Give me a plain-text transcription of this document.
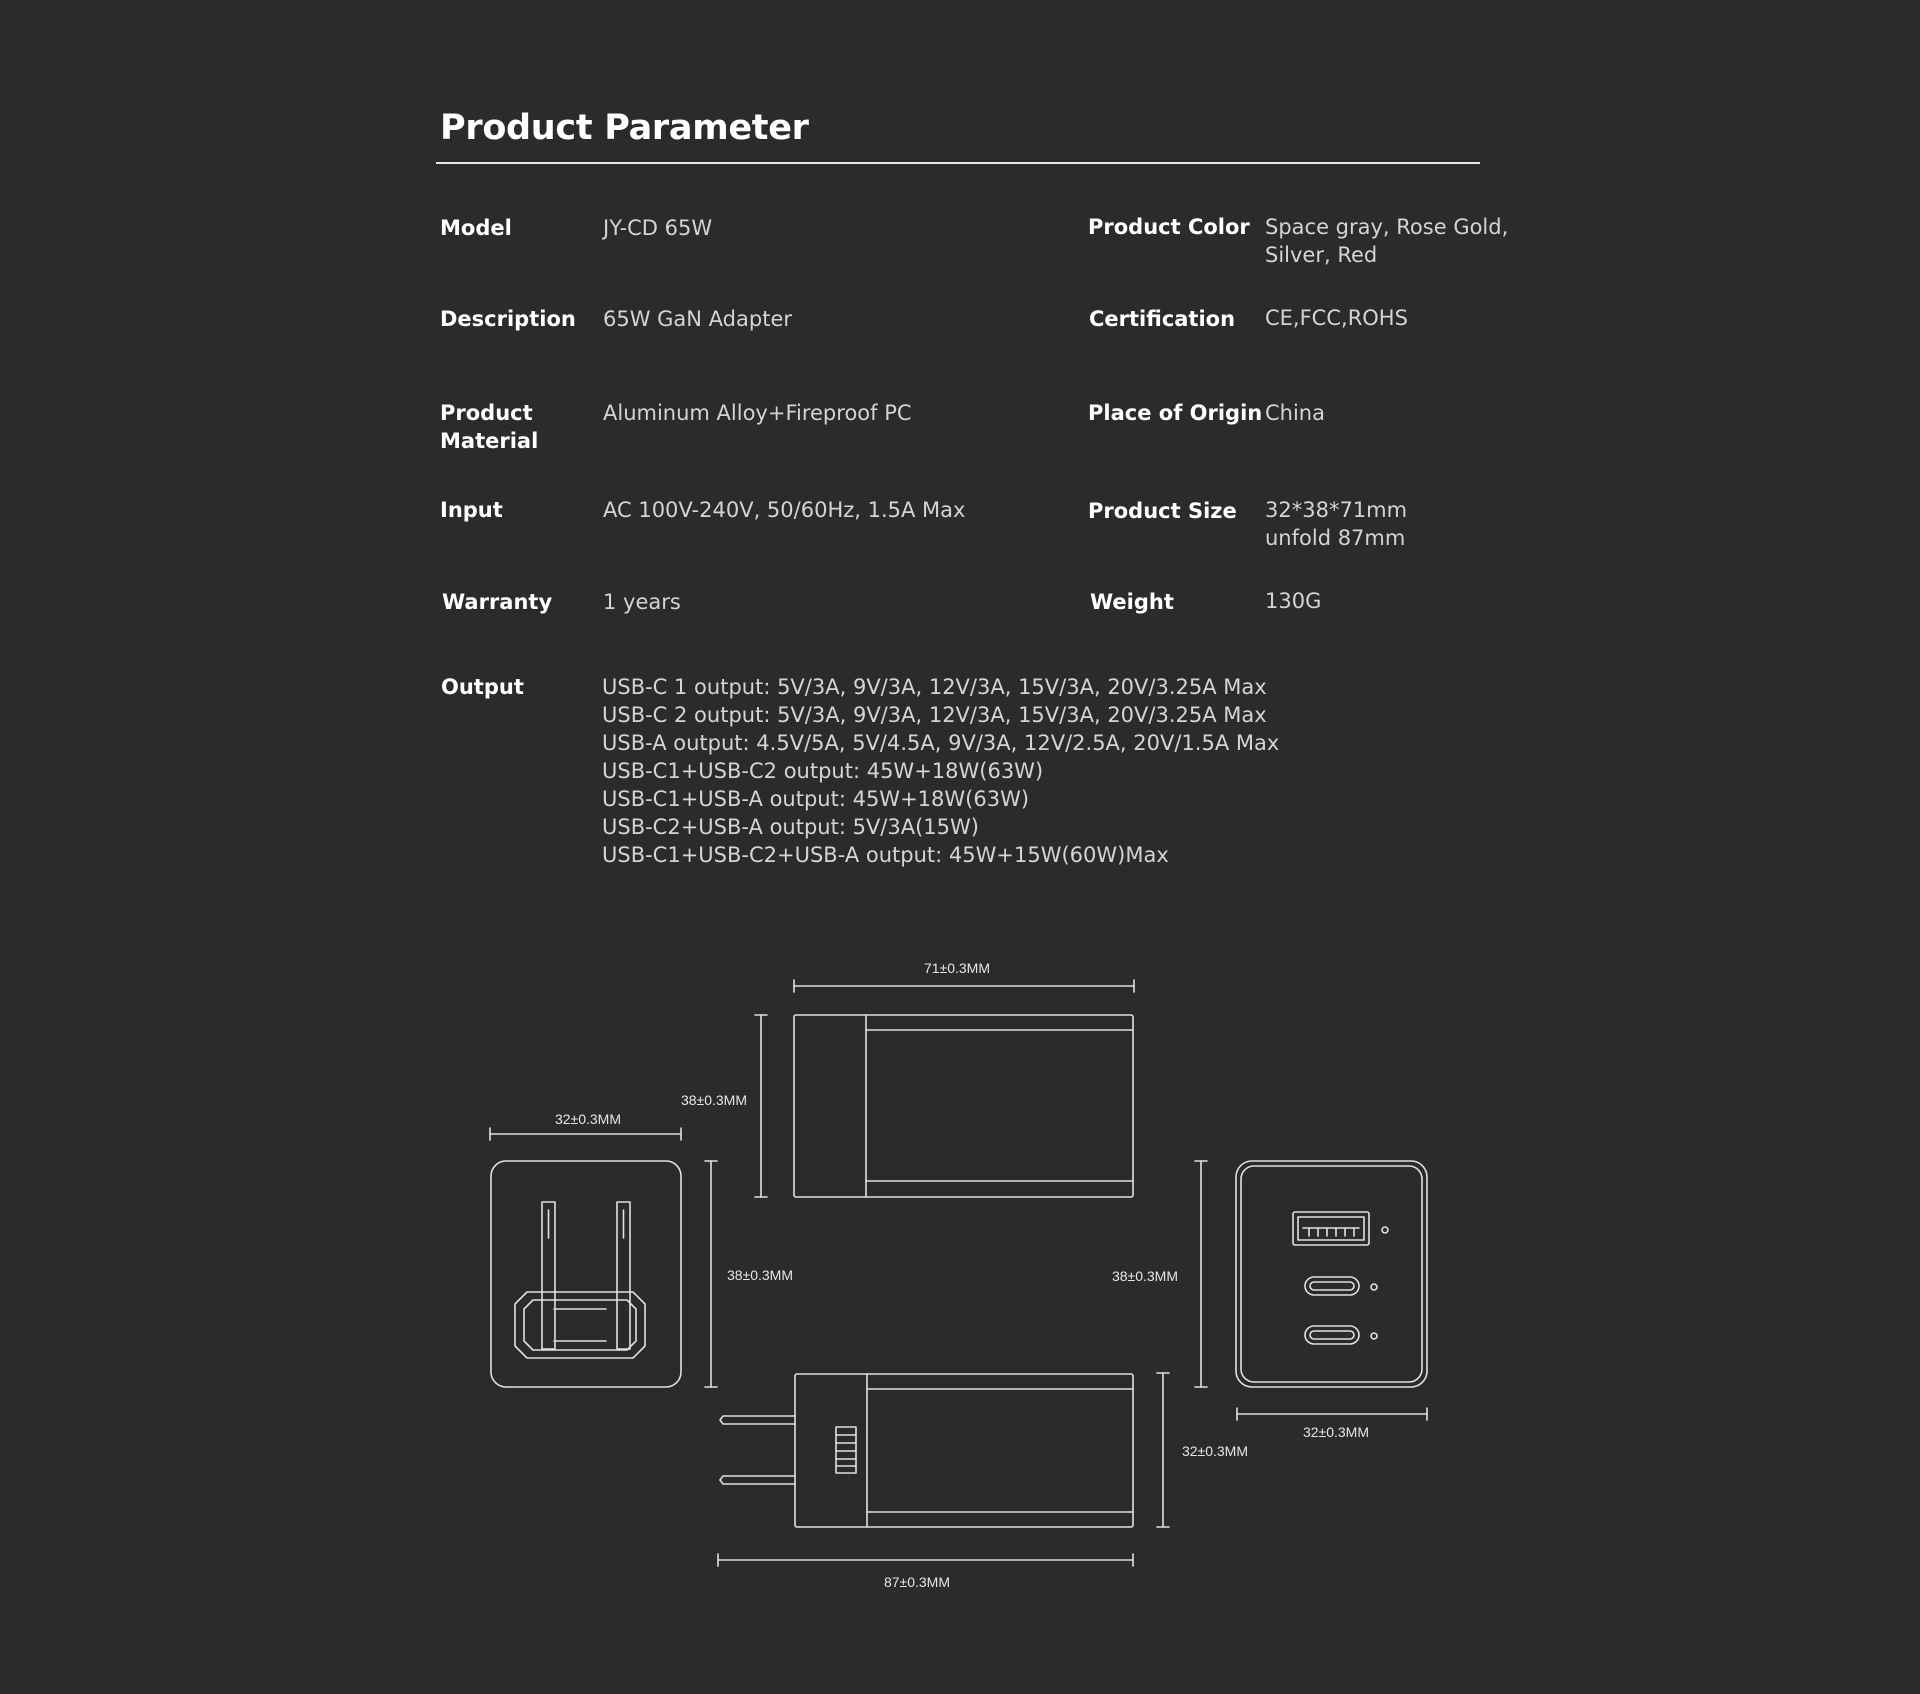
Product Parameter
Model	JY-CD 65W
Description 65W GaN Adapter
Product
Material
Aluminum Alloy+Fireproof PC
Input	AC 100V-240V, 50/60Hz, 1.5A Max
Warranty 1 years
Product Color Space gray, Rose Gold,
Silver, Red
Certification CE,FCC,ROHS
Place of Origin China
Product Size 32*38*71mm
unfold 87mm
Weight	130G
Output	USB-C 1 output: 5V/3A, 9V/3A, 12V/3A, 15V/3A, 20V/3.25A Max
USB-C 2 output: 5V/3A, 9V/3A, 12V/3A, 15V/3A, 20V/3.25A Max
USB-A output: 4.5V/5A, 5V/4.5A, 9V/3A, 12V/2.5A, 20V/1.5A Max
USB-C1+USB-C2 output: 45W+18W(63W)
USB-C1+USB-A output: 45W+18W(63W)
USB-C2+USB-A output: 5V/3A(15W)
USB-C1+USB-C2+USB-A output: 45W+15W(60W)Max
71±0.3MM
38±0.3MM
32±0.3MM
38±0.3MM	38±0.3MM
32±0.3MM
32±0.3MM
87±0.3MM
